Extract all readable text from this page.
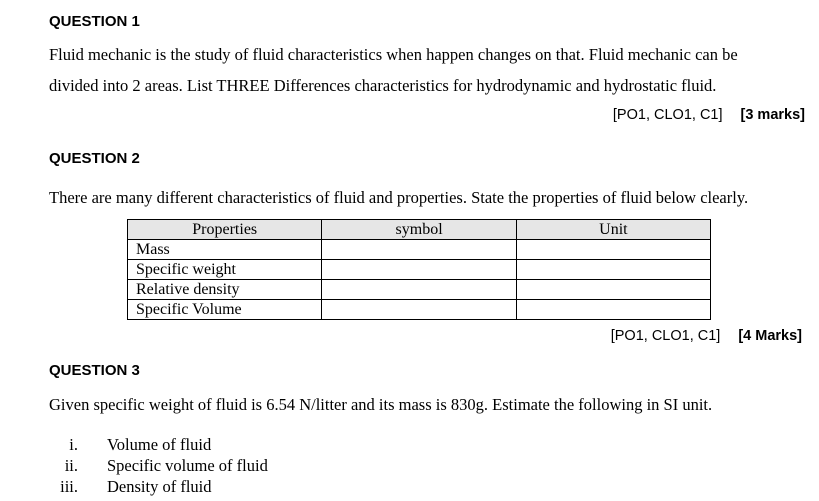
QUESTION 1
Fluid mechanic is the study of fluid characteristics when happen changes on that. Fluid mechanic can be
divided into 2 areas. List THREE Differences characteristics for hydrodynamic and hydrostatic fluid.
[PO1, CLO1, C1] [3 marks]
QUESTION 2
There are many different characteristics of fluid and properties. State the properties of fluid below clearly.
Properties	symbol	Unit
Mass		
Specific weight		
Relative density		
Specific Volume		
[PO1, CLO1, C1] [4 Marks]
QUESTION 3
Given specific weight of fluid is 6.54 N/litter and its mass is 830g. Estimate the following in SI unit.
i. Volume of fluid
ii. Specific volume of fluid
iii. Density of fluid
